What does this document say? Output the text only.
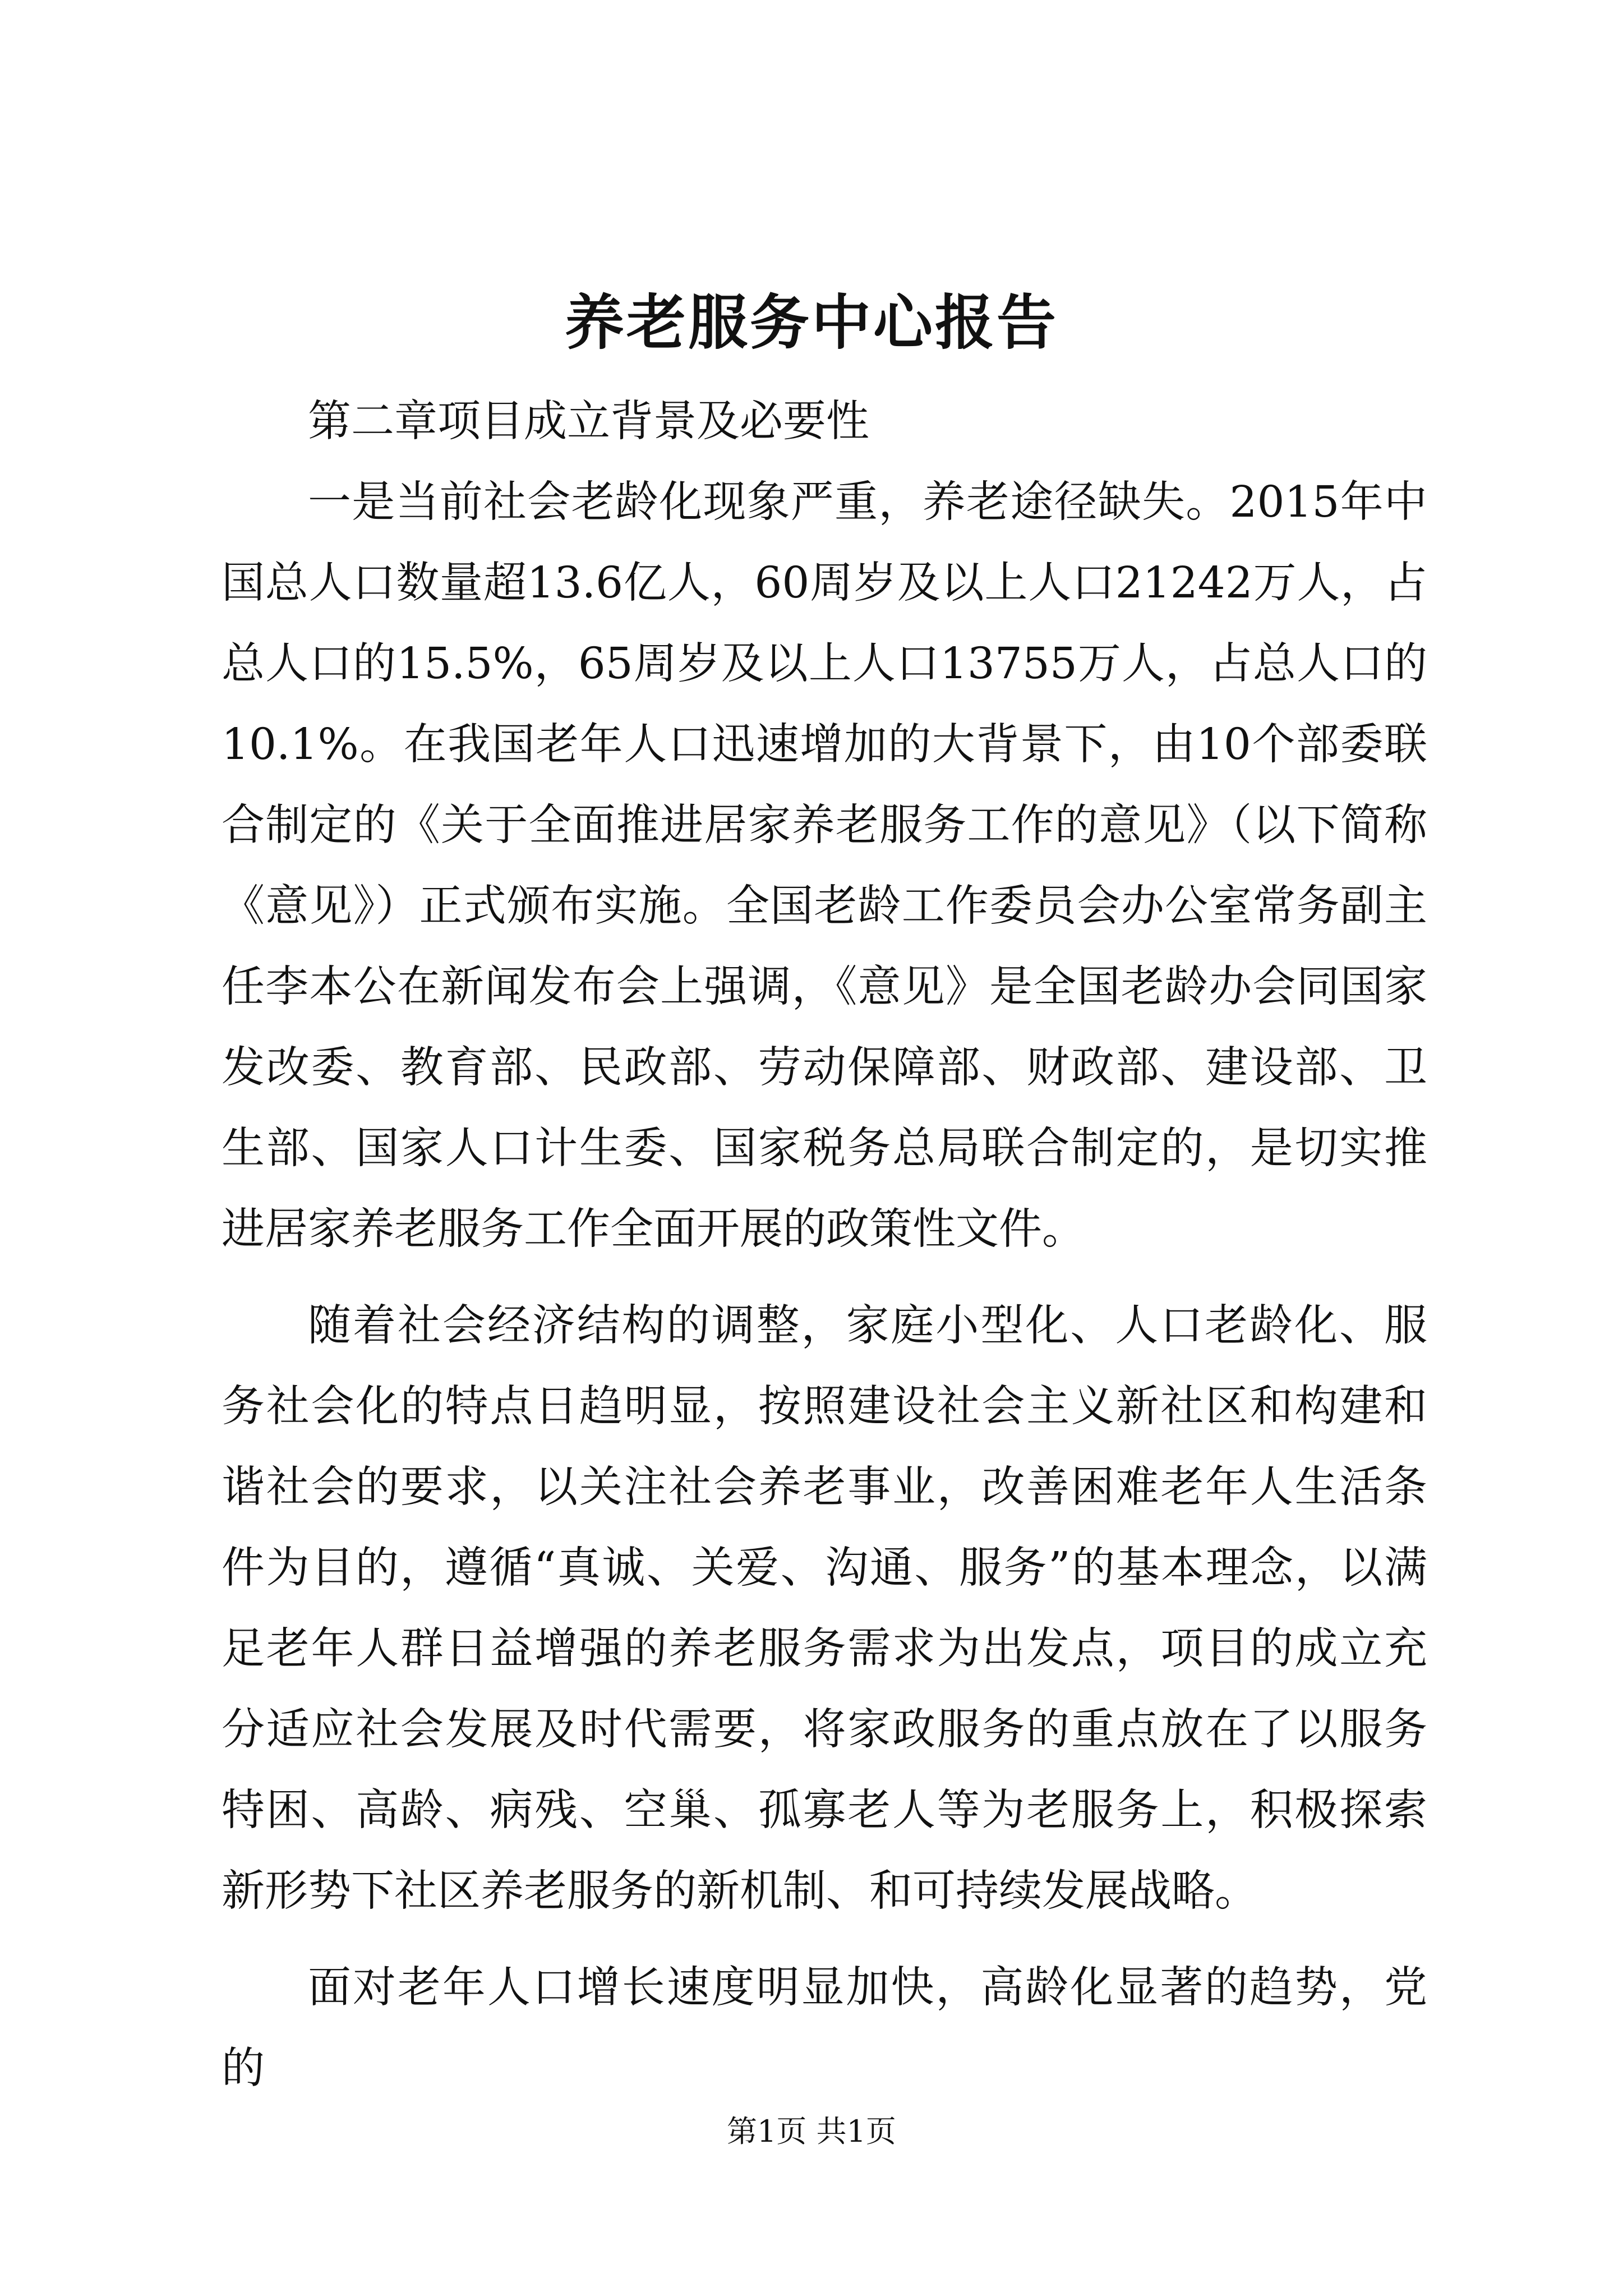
养老服务中心报告

第二章项目成立背景及必要性

一是当前社会老龄化现象严重，养老途径缺失。2015年中国总人口数量超13.6亿人，60周岁及以上人口21242万人，占总人口的15.5%，65周岁及以上人口13755万人，占总人口的10.1%。在我国老年人口迅速增加的大背景下，由10个部委联合制定的《关于全面推进居家养老服务工作的意见》（以下简称《意见》）正式颁布实施。全国老龄工作委员会办公室常务副主任李本公在新闻发布会上强调，《意见》是全国老龄办会同国家发改委、教育部、民政部、劳动保障部、财政部、建设部、卫生部、国家人口计生委、国家税务总局联合制定的，是切实推进居家养老服务工作全面开展的政策性文件。

随着社会经济结构的调整，家庭小型化、人口老龄化、服务社会化的特点日趋明显，按照建设社会主义新社区和构建和谐社会的要求，以关注社会养老事业，改善困难老年人生活条件为目的，遵循“真诚、关爱、沟通、服务”的基本理念，以满足老年人群日益增强的养老服务需求为出发点，项目的成立充分适应社会发展及时代需要，将家政服务的重点放在了以服务特困、高龄、病残、空巢、孤寡老人等为老服务上，积极探索新形势下社区养老服务的新机制、和可持续发展战略。

面对老年人口增长速度明显加快，高龄化显著的趋势，党的

第1页 共1页
